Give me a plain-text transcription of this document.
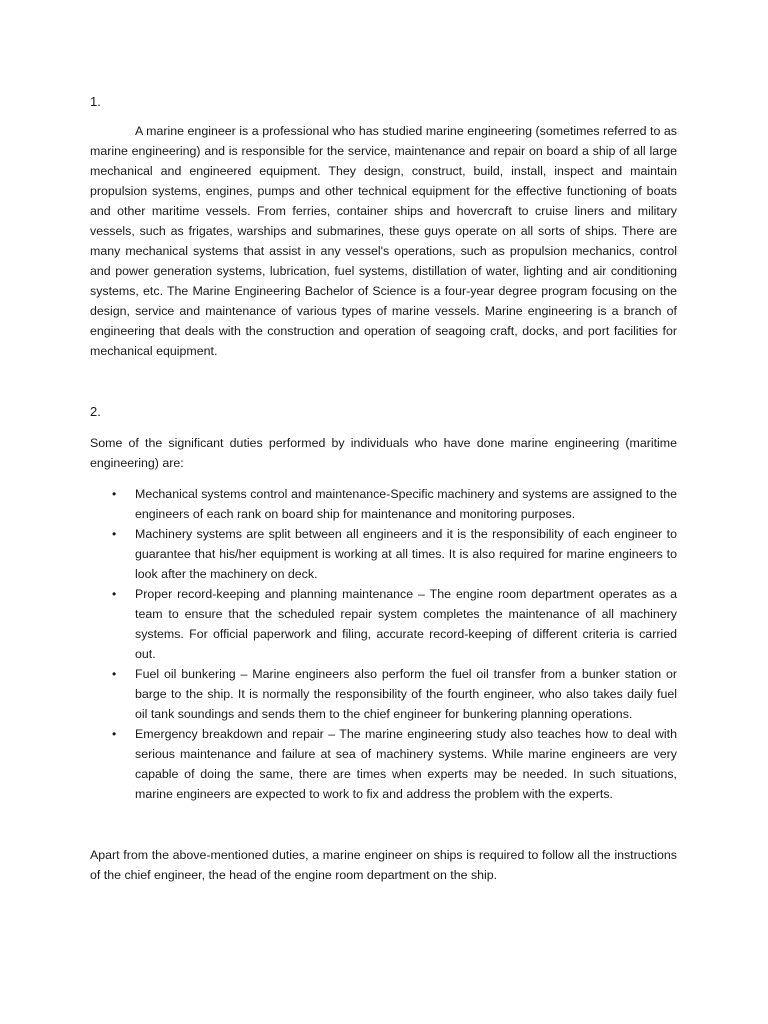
1.

A marine engineer is a professional who has studied marine engineering (sometimes referred to as marine engineering) and is responsible for the service, maintenance and repair on board a ship of all large mechanical and engineered equipment. They design, construct, build, install, inspect and maintain propulsion systems, engines, pumps and other technical equipment for the effective functioning of boats and other maritime vessels. From ferries, container ships and hovercraft to cruise liners and military vessels, such as frigates, warships and submarines, these guys operate on all sorts of ships. There are many mechanical systems that assist in any vessel's operations, such as propulsion mechanics, control and power generation systems, lubrication, fuel systems, distillation of water, lighting and air conditioning systems, etc. The Marine Engineering Bachelor of Science is a four-year degree program focusing on the design, service and maintenance of various types of marine vessels. Marine engineering is a branch of engineering that deals with the construction and operation of seagoing craft, docks, and port facilities for mechanical equipment.

2.

Some of the significant duties performed by individuals who have done marine engineering (maritime engineering) are:

• Mechanical systems control and maintenance-Specific machinery and systems are assigned to the engineers of each rank on board ship for maintenance and monitoring purposes.
• Machinery systems are split between all engineers and it is the responsibility of each engineer to guarantee that his/her equipment is working at all times. It is also required for marine engineers to look after the machinery on deck.
• Proper record-keeping and planning maintenance – The engine room department operates as a team to ensure that the scheduled repair system completes the maintenance of all machinery systems. For official paperwork and filing, accurate record-keeping of different criteria is carried out.
• Fuel oil bunkering – Marine engineers also perform the fuel oil transfer from a bunker station or barge to the ship. It is normally the responsibility of the fourth engineer, who also takes daily fuel oil tank soundings and sends them to the chief engineer for bunkering planning operations.
• Emergency breakdown and repair – The marine engineering study also teaches how to deal with serious maintenance and failure at sea of machinery systems. While marine engineers are very capable of doing the same, there are times when experts may be needed. In such situations, marine engineers are expected to work to fix and address the problem with the experts.

Apart from the above-mentioned duties, a marine engineer on ships is required to follow all the instructions of the chief engineer, the head of the engine room department on the ship.
